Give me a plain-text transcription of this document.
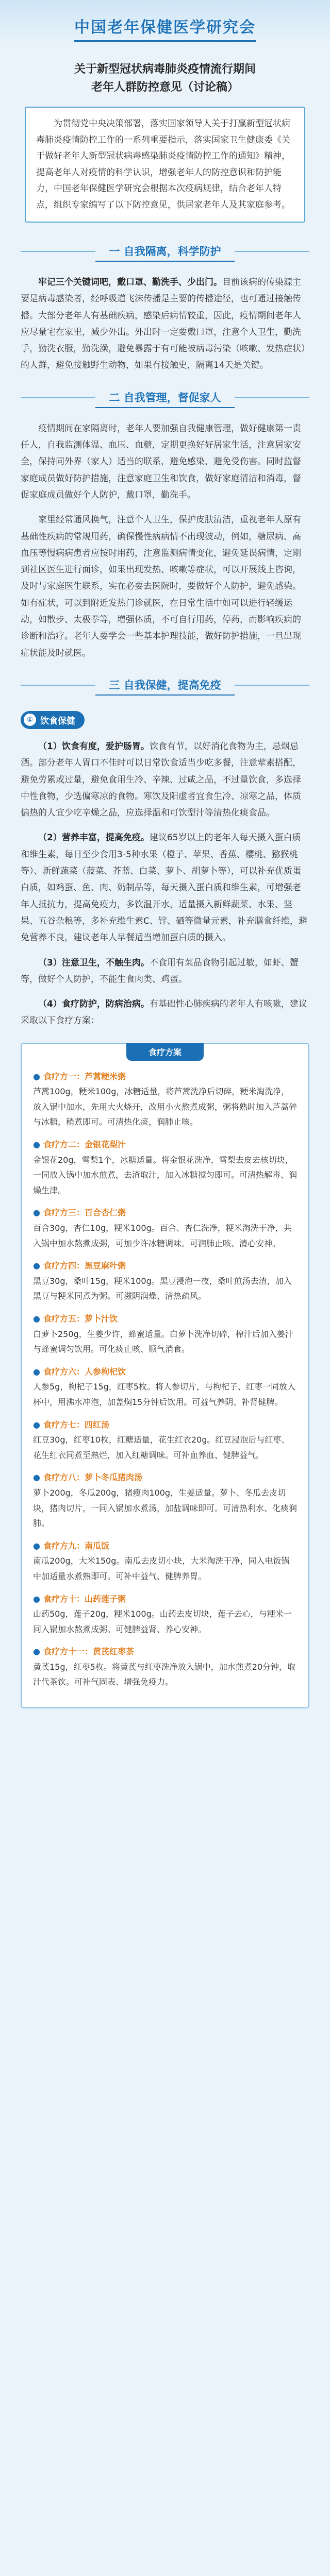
中国老年保健医学研究会
关于新型冠状病毒肺炎疫情流行期间
老年人群防控意见（讨论稿）
为贯彻党中央决策部署，落实国家领导人关于打赢新型冠状病毒肺炎疫情防控工作的一系列重要指示，落实国家卫生健康委《关于做好老年人新型冠状病毒感染肺炎疫情防控工作的通知》精神，提高老年人对疫情的科学认识，增强老年人的防控意识和防护能力，中国老年保健医学研究会根据本次疫病规律，结合老年人特点，组织专家编写了以下防控意见，供居家老年人及其家庭参考。
一 自我隔离，科学防护

牢记三个关键词吧，戴口罩、勤洗手、少出门。目前该病的传染源主要是病毒感染者，经呼吸道飞沫传播是主要的传播途径，也可通过接触传播。大部分老年人有基础疾病，感染后病情较重，因此，疫情期间老年人应尽量宅在家里，减少外出。外出时一定要戴口罩，注意个人卫生，勤洗手，勤洗衣服，勤洗澡，避免暴露于有可能被病毒污染（咳嗽、发热症状）的人群，避免接触野生动物，如果有接触史，隔离14天是关键。

二 自我管理，督促家人

疫情期间在家隔离时，老年人要加强自我健康管理，做好健康第一责任人，自我监测体温、血压、血糖，定期更换好好居家生活，注意居家安全，保持同外界（家人）适当的联系，避免感染，避免受伤害。同时监督家庭成员做好防护措施，注意家庭卫生和饮食，做好家庭清洁和消毒，督促家庭成员做好个人防护，戴口罩，勤洗手。

家里经常通风换气，注意个人卫生，保护皮肤清洁，重视老年人原有基础性疾病的常规用药，确保慢性病病情不出现波动，例如，糖尿病、高血压等慢病病患者应按时用药，注意监测病情变化，避免延误病情，定期到社区医生进行面诊，如果出现发热、咳嗽等症状，可以开展线上咨询，及时与家庭医生联系，实在必要去医院时，要做好个人防护，避免感染。如有症状，可以到附近发热门诊就医，在日常生活中如可以进行轻缓运动，如散步、太极拳等，增强体质，不可自行用药，停药，而影响疾病的诊断和治疗。老年人要学会一些基本护理技能，做好防护措施，一旦出现症状能及时就医。

三 自我保健，提高免疫
① 饮食保健

（1）饮食有度，爱护肠胃。饮食有节，以好消化食物为主，忌烟忌酒。部分老年人胃口不佳时可以日常饮食适当少吃多餐，注意荤素搭配，避免劳累或过量，避免食用生冷、辛辣、过咸之品，不过量饮食，多选择中性食物，少选偏寒凉的食物。寒饮及阳虚者宜食生冷、凉寒之品，体质偏热的人宜少吃辛燥之品，应选择温和可饮型汁等清热化痰食品。

（2）营养丰富，提高免疫。建议65岁以上的老年人每天摄入蛋白质和维生素，每日至少食用3-5种水果（橙子、苹果、香蕉、樱桃、猕猴桃等）、新鲜蔬菜（菠菜、芥蓝、白菜、萝卜、胡萝卜等），可以补充优质蛋白质，如鸡蛋、鱼、肉、奶制品等，每天摄入蛋白质和维生素，可增强老年人抵抗力，提高免疫力，多饮温开水，适量摄入新鲜蔬菜、水果、坚果、五谷杂粮等，多补充维生素C、锌、硒等微量元素，补充膳食纤维，避免营养不良，建议老年人早餐适当增加蛋白质的摄入。

（3）注意卫生，不触生肉。不食用有菜品食物引起过敏，如虾、蟹等，做好个人防护，不能生食肉类、鸡蛋。

（4）食疗防护，防病治病。有基础性心肺疾病的老年人有咳嗽，建议采取以下食疗方案：

食疗方案
● 食疗方一：芦蒿粳米粥
芦蒿100g，粳米100g，冰糖适量，将芦蒿洗净后切碎，粳米淘洗净，放入锅中加水，先用大火烧开，改用小火熬煮成粥，粥将熟时加入芦蒿碎与冰糖，稍煮即可。可清热化痰，润肺止咳。
● 食疗方二：金银花梨汁
金银花20g，雪梨1个，冰糖适量。将金银花洗净，雪梨去皮去核切块，一同放入锅中加水煎煮，去渣取汁，加入冰糖搅匀即可。可清热解毒、润燥生津。
● 食疗方三：百合杏仁粥
百合30g，杏仁10g，粳米100g。百合、杏仁洗净，粳米淘洗干净，共入锅中加水熬煮成粥，可加少许冰糖调味。可润肺止咳、清心安神。
● 食疗方四：黑豆麻叶粥
黑豆30g，桑叶15g，粳米100g。黑豆浸泡一夜，桑叶煎汤去渣，加入黑豆与粳米同煮为粥。可滋阴润燥、清热疏风。
● 食疗方五：萝卜汁饮
白萝卜250g，生姜少许，蜂蜜适量。白萝卜洗净切碎，榨汁后加入姜汁与蜂蜜调匀饮用。可化痰止咳、顺气消食。
● 食疗方六：人参枸杞饮
人参5g，枸杞子15g，红枣5枚。将人参切片，与枸杞子、红枣一同放入杯中，用沸水冲泡，加盖焖15分钟后饮用。可益气养阴、补肾健脾。
● 食疗方七：四红汤
红豆30g，红枣10枚，红糖适量，花生红衣20g。红豆浸泡后与红枣、花生红衣同煮至熟烂，加入红糖调味。可补血养血、健脾益气。
● 食疗方八：萝卜冬瓜猪肉汤
萝卜200g，冬瓜200g，猪瘦肉100g，生姜适量。萝卜、冬瓜去皮切块，猪肉切片，一同入锅加水煮汤，加盐调味即可。可清热利水、化痰润肺。
● 食疗方九：南瓜饭
南瓜200g，大米150g。南瓜去皮切小块，大米淘洗干净，同入电饭锅中加适量水煮熟即可。可补中益气、健脾养胃。
● 食疗方十：山药莲子粥
山药50g，莲子20g，粳米100g。山药去皮切块，莲子去心，与粳米一同入锅加水熬煮成粥。可健脾益肾、养心安神。
● 食疗方十一：黄芪红枣茶
黄芪15g，红枣5枚。将黄芪与红枣洗净放入锅中，加水煎煮20分钟，取汁代茶饮。可补气固表、增强免疫力。
